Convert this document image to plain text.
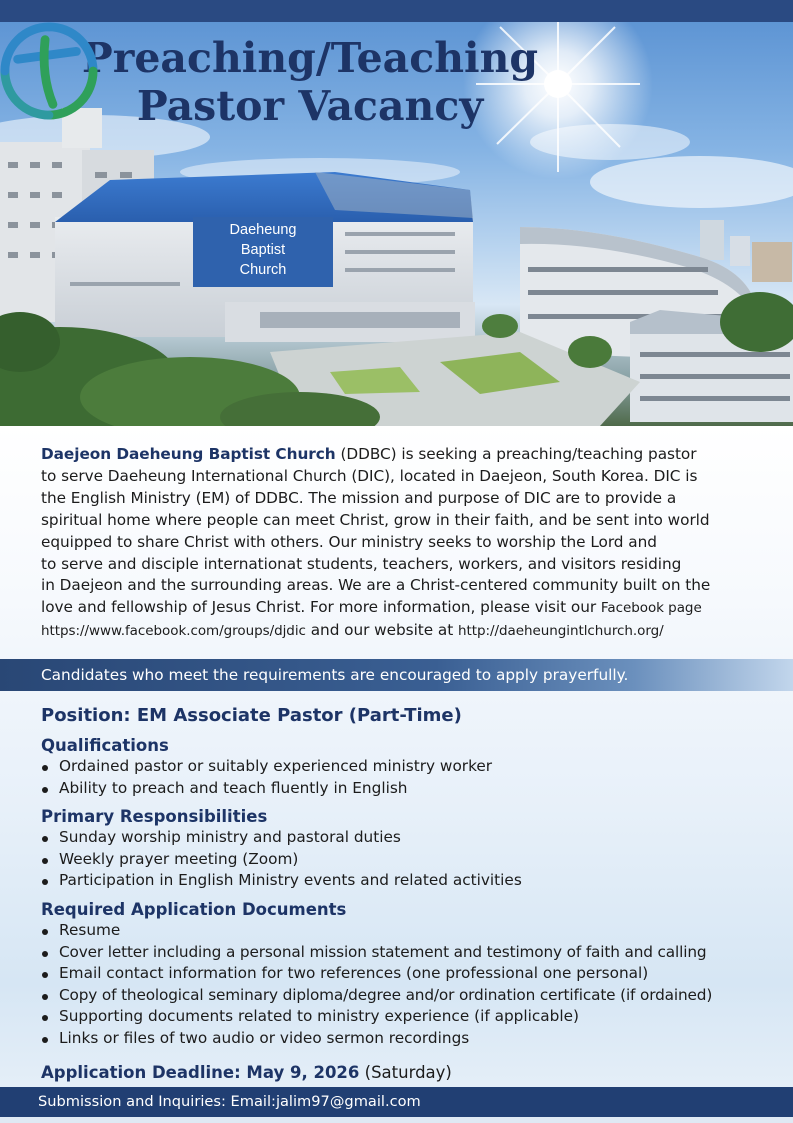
Preaching/Teaching
Pastor Vacancy
Daeheung
Baptist
Church

Daejeon Daeheung Baptist Church (DDBC) is seeking a preaching/teaching pastor
to serve Daeheung International Church (DIC), located in Daejeon, South Korea. DIC is
the English Ministry (EM) of DDBC. The mission and purpose of DIC are to provide a
spiritual home where people can meet Christ, grow in their faith, and be sent into world
equipped to share Christ with others. Our ministry seeks to worship the Lord and
to serve and disciple internationat students, teachers, workers, and visitors residing
in Daejeon and the surrounding areas. We are a Christ-centered community built on the
love and fellowship of Jesus Christ. For more information, please visit our Facebook page
https://www.facebook.com/groups/djdic and our website at http://daeheungintlchurch.org/

Candidates who meet the requirements are encouraged to apply prayerfully.
Position: EM Associate Pastor (Part-Time)
Qualifications
Ordained pastor or suitably experienced ministry worker
Ability to preach and teach fluently in English
Primary Responsibilities
Sunday worship ministry and pastoral duties
Weekly prayer meeting (Zoom)
Participation in English Ministry events and related activities
Required Application Documents
Resume
Cover letter including a personal mission statement and testimony of faith and calling
Email contact information for two references (one professional one personal)
Copy of theological seminary diploma/degree and/or ordination certificate (if ordained)
Supporting documents related to ministry experience (if applicable)
Links or files of two audio or video sermon recordings

Application Deadline: May 9, 2026 (Saturday)

Submission and Inquiries: Email:jalim97@gmail.com
